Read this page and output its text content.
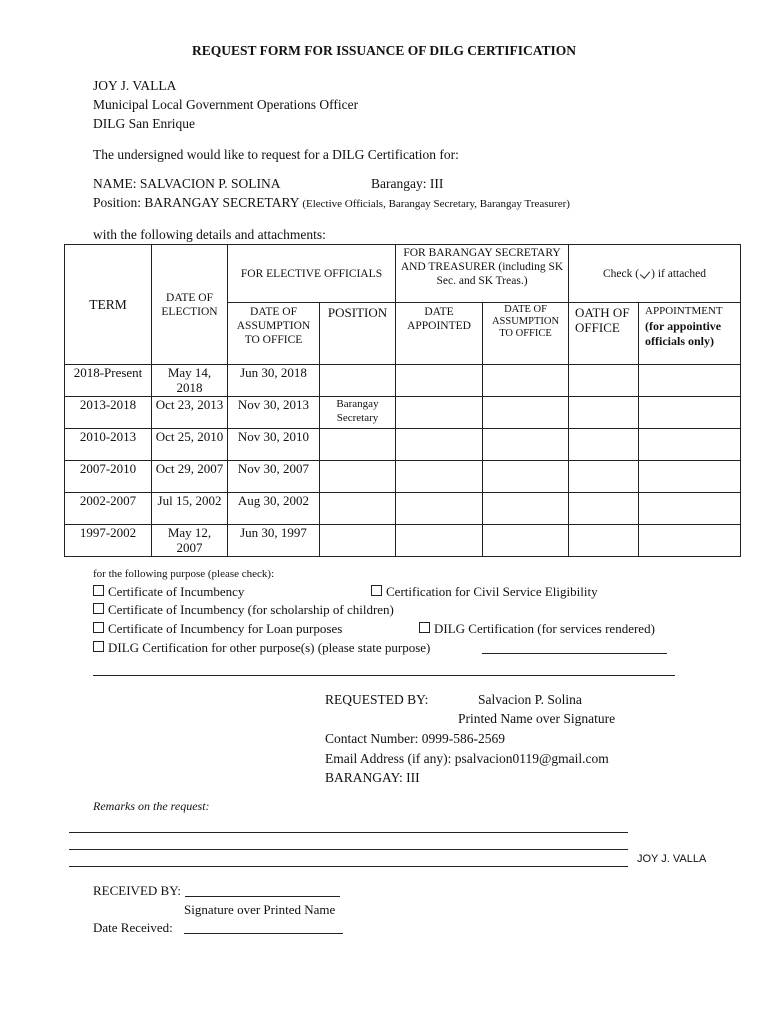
REQUEST FORM FOR ISSUANCE OF DILG CERTIFICATION
JOY J. VALLA
Municipal Local Government Operations Officer
DILG San Enrique
The undersigned would like to request for a DILG Certification for:
NAME: SALVACION P. SOLINA	Barangay: III
Position: BARANGAY SECRETARY (Elective Officials, Barangay Secretary, Barangay Treasurer)
with the following details and attachments:
TERM	DATE OF ELECTION	FOR ELECTIVE OFFICIALS		FOR BARANGAY SECRETARY AND TREASURER (including SK Sec. and SK Treas.)		Check ( ) if attached	
		DATE OF ASSUMPTION TO OFFICE	POSITION	DATE APPOINTED	DATE OF ASSUMPTION TO OFFICE	OATH OF OFFICE	APPOINTMENT
(for appointive officials only)

2018-Present	May 14, 2018	Jun 30, 2018					
2013-2018	Oct 23, 2013	Nov 30, 2013	Barangay Secretary				
2010-2013	Oct 25, 2010	Nov 30, 2010					
2007-2010	Oct 29, 2007	Nov 30, 2007					
2002-2007	Jul 15, 2002	Aug 30, 2002					
1997-2002	May 12, 2007	Jun 30, 1997					
for the following purpose (please check):
Certificate of Incumbency	Certification for Civil Service Eligibility
Certificate of Incumbency (for scholarship of children)
Certificate of Incumbency for Loan purposes	DILG Certification (for services rendered)
DILG Certification for other purpose(s) (please state purpose)
REQUESTED BY:	Salvacion P. Solina
Printed Name over Signature
Contact Number: 0999-586-2569
Email Address (if any): psalvacion0119@gmail.com
BARANGAY: III
Remarks on the request:
JOY J. VALLA
RECEIVED BY:
Signature over Printed Name
Date Received:
